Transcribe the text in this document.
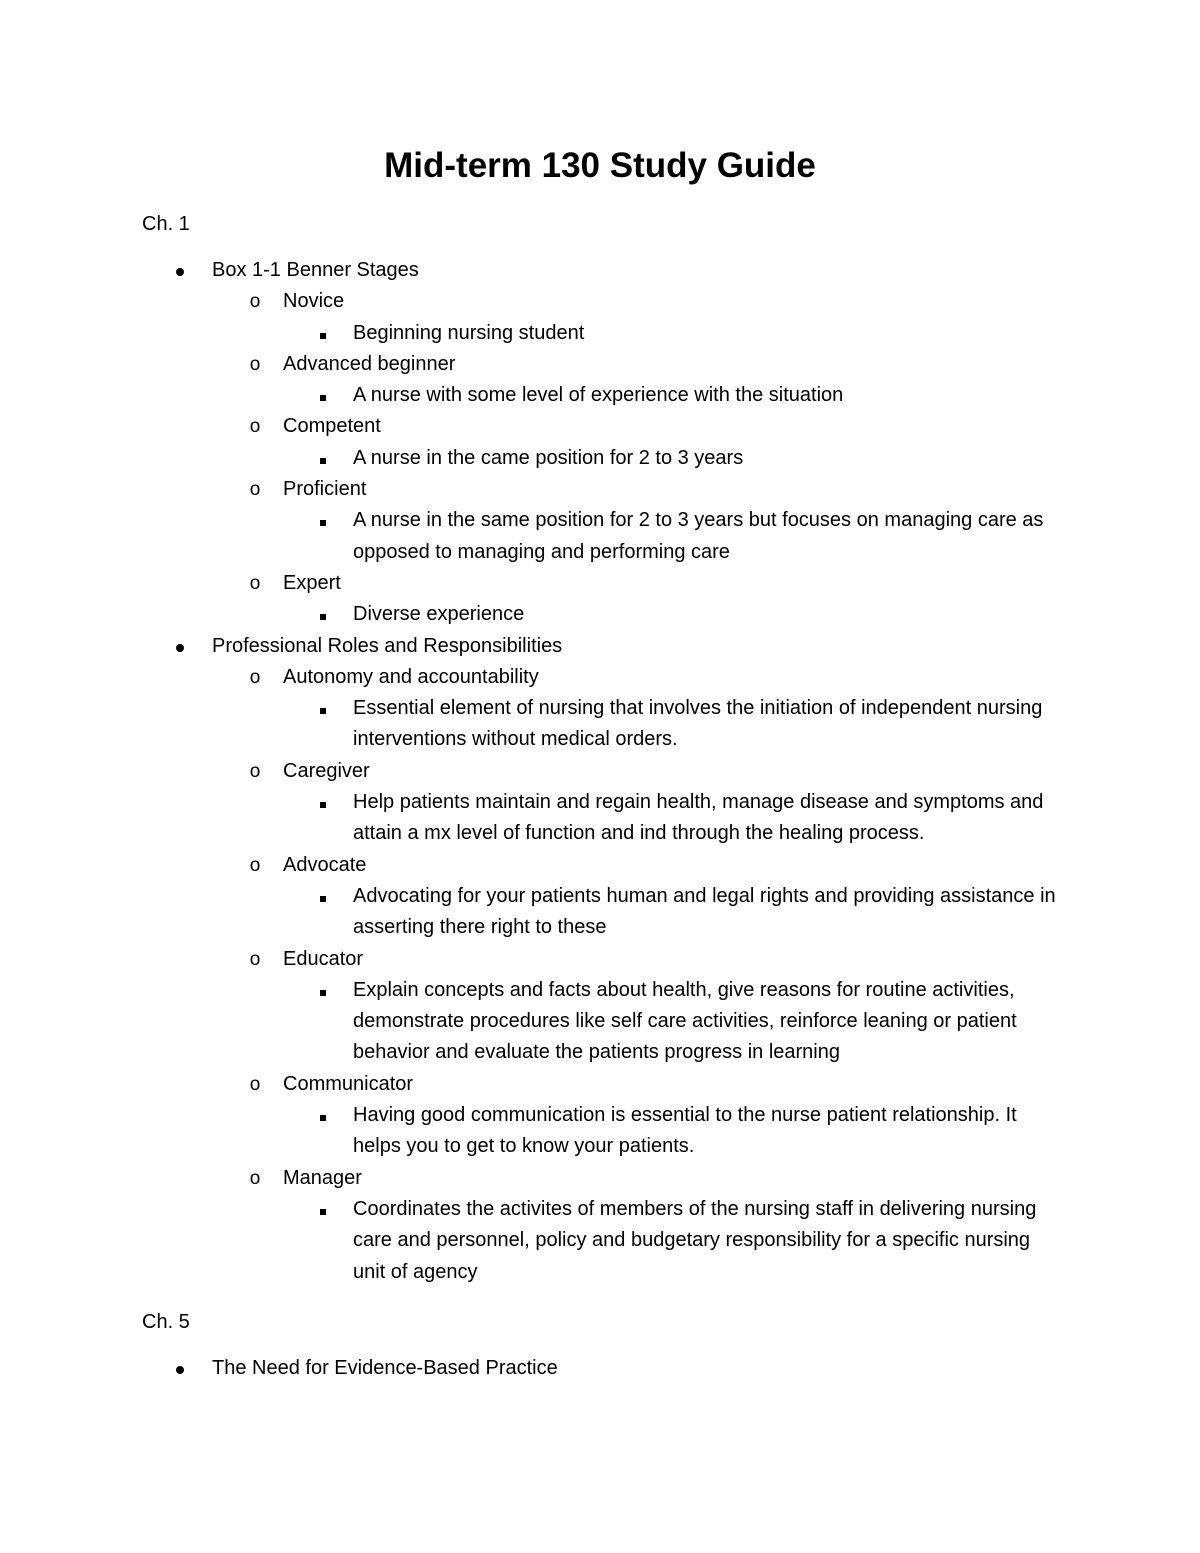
Mid-term 130 Study Guide

Ch. 1

Box 1-1 Benner Stages
o Novice
Beginning nursing student
o Advanced beginner
A nurse with some level of experience with the situation
o Competent
A nurse in the came position for 2 to 3 years
o Proficient
A nurse in the same position for 2 to 3 years but focuses on managing care as opposed to managing and performing care
o Expert
Diverse experience
Professional Roles and Responsibilities
o Autonomy and accountability
Essential element of nursing that involves the initiation of independent nursing interventions without medical orders.
o Caregiver
Help patients maintain and regain health, manage disease and symptoms and attain a mx level of function and ind through the healing process.
o Advocate
Advocating for your patients human and legal rights and providing assistance in asserting there right to these
o Educator
Explain concepts and facts about health, give reasons for routine activities, demonstrate procedures like self care activities, reinforce leaning or patient behavior and evaluate the patients progress in learning
o Communicator
Having good communication is essential to the nurse patient relationship. It helps you to get to know your patients.
o Manager
Coordinates the activites of members of the nursing staff in delivering nursing care and personnel, policy and budgetary responsibility for a specific nursing unit of agency

Ch. 5

The Need for Evidence-Based Practice
